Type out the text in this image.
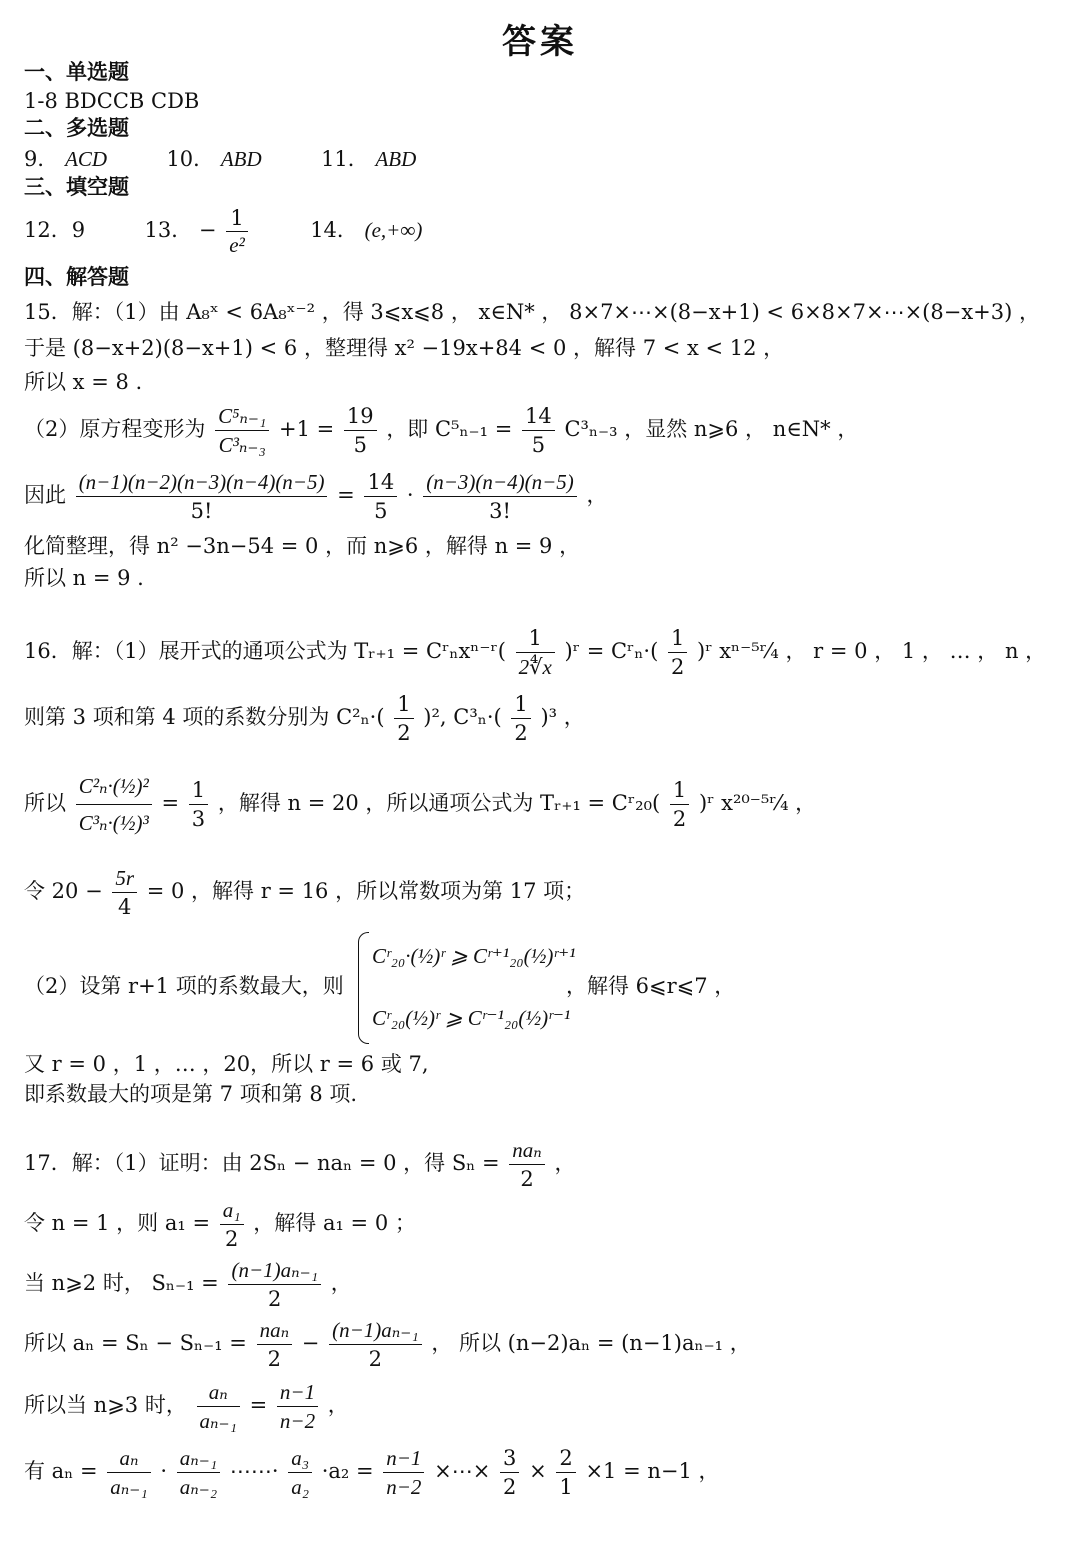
答案
一、单选题
1-8 BDCCB CDB
二、多选题
9． ACD	10． ABD	11． ABD
三、填空题
12．9	13． − $\frac{1}{\text{e²}}$	14． (e,+∞)
四、解答题
15．解：（1）由 A₈ˣ < 6A₈ˣ⁻² ，得 3⩽x⩽8 ， x∈N* ， 8×7×⋯×(8−x+1) < 6×8×7×⋯×(8−x+3) ，
于是 (8−x+2)(8−x+1) < 6 ，整理得 x² −19x+84 < 0 ，解得 7 < x < 12 ，
所以 x = 8 .
（2）原方程变形为 $\frac{\text{C⁵ₙ₋₁}}{\text{C³ₙ₋₃}} +1 = \frac{19}{5}$ ，即 $C^5_{n-1} = \frac{14}{5} C^3_{n-3}$ ，显然 n⩾6 ， n∈N* ，
因此 $\frac{(n-1)(n-2)(n-3)(n-4)(n-5)}{5!} = \frac{14}{5} \cdot \frac{(n-3)(n-4)(n-5)}{3!}$ ，
化简整理，得 n² −3n−54 = 0 ，而 n⩾6 ，解得 n = 9 ，
所以 n = 9 .
16．解：（1）展开式的通项公式为 Tᵣ₊₁ = Cʳₙxⁿ⁻ʳ( $\frac{1}{2∜x}$ )ʳ = Cʳₙ·( $\frac{1}{2}$ )ʳ xⁿ⁻⁵ʳ⁄₄ ， r = 0 ， 1 ， … ， n ，
则第 3 项和第 4 项的系数分别为 $C^2_n\cdot( \frac{1}{2} )^2$, $C^3_n\cdot( \frac{1}{2} )^3$ ，
所以 $\frac{\text{C²ₙ·(½)²}}{\text{C³ₙ·(½)³}} = \frac{1}{3}$ ，解得 n = 20 ，所以通项公式为 Tᵣ₊₁ = Cʳ₂₀( $\frac{1}{2}$ )ʳ x²⁰⁻⁵ʳ⁄₄ ，
令 $20 - \frac{5r}{4} = 0$ ，解得 r = 16 ，所以常数项为第 17 项；
（2）设第 r+1 项的系数最大，则
Cʳ₂₀·(½)ʳ ⩾ Cʳ⁺¹₂₀(½)ʳ⁺¹
Cʳ₂₀(½)ʳ ⩾ Cʳ⁻¹₂₀(½)ʳ⁻¹
，解得 6⩽r⩽7 ，
又 r = 0 ，1 ，… ，20，所以 r = 6 或 7,
即系数最大的项是第 7 项和第 8 项.
17．解：（1）证明：由 2Sₙ − naₙ = 0 ，得 $S_n = \frac{\text{naₙ}}{2}$ ，
令 n = 1 ，则 $a_1 = \frac{\text{a₁}}{2}$ ，解得 a₁ = 0 ；
当 n⩾2 时， $S_{n-1} = \frac{\text{(n−1)aₙ₋₁}}{2}$ ，
所以 $a_n = S_n - S_{n-1} = \frac{\text{naₙ}}{2} - \frac{\text{(n−1)aₙ₋₁}}{2}$ ， 所以 (n−2)aₙ = (n−1)aₙ₋₁ ，
所以当 n⩾3 时， $\frac{\text{aₙ}}{\text{aₙ₋₁}} = \frac{n-1}{n-2}$ ，
有 $a_n = \frac{\text{aₙ}}{\text{aₙ₋₁}} \cdot \frac{\text{aₙ₋₁}}{\text{aₙ₋₂}}$ ⋯⋯· $\frac{\text{a₃}}{\text{a₂}} \cdot a_2 = \frac{n-1}{n-2}$ ×⋯× $\frac{3}{2} \times \frac{2}{1} \times 1 = n-1$ ，
